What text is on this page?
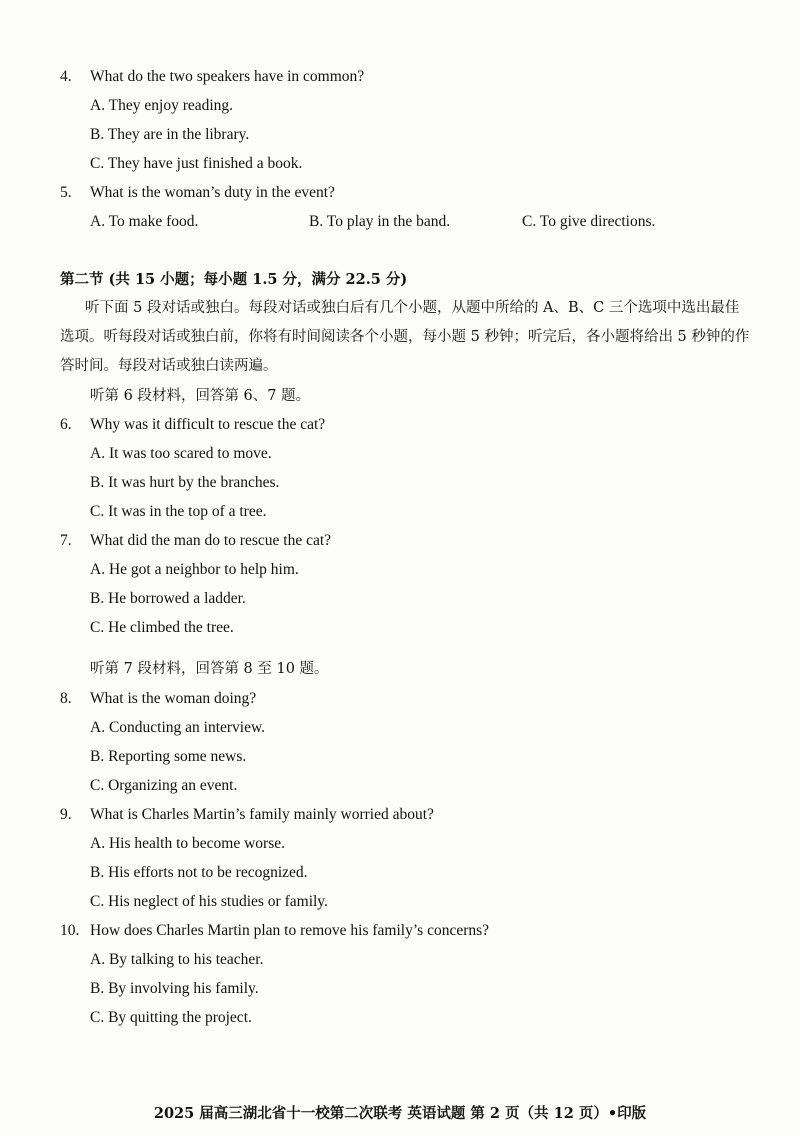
4. What do the two speakers have in common?
A. They enjoy reading.
B. They are in the library.
C. They have just finished a book.
5. What is the woman’s duty in the event?
A. To make food.	B. To play in the band.	C. To give directions.
第二节 (共 15 小题；每小题 1.5 分，满分 22.5 分)
听下面 5 段对话或独白。每段对话或独白后有几个小题，从题中所给的 A、B、C 三个选项中选出最佳选项。听每段对话或独白前，你将有时间阅读各个小题，每小题 5 秒钟；听完后，各小题将给出 5 秒钟的作答时间。每段对话或独白读两遍。
听第 6 段材料，回答第 6、7 题。
6. Why was it difficult to rescue the cat?
A. It was too scared to move.
B. It was hurt by the branches.
C. It was in the top of a tree.
7. What did the man do to rescue the cat?
A. He got a neighbor to help him.
B. He borrowed a ladder.
C. He climbed the tree.
听第 7 段材料，回答第 8 至 10 题。
8. What is the woman doing?
A. Conducting an interview.
B. Reporting some news.
C. Organizing an event.
9. What is Charles Martin’s family mainly worried about?
A. His health to become worse.
B. His efforts not to be recognized.
C. His neglect of his studies or family.
10. How does Charles Martin plan to remove his family’s concerns?
A. By talking to his teacher.
B. By involving his family.
C. By quitting the project.
2025 届高三湖北省十一校第二次联考 英语试题 第 2 页（共 12 页）•印版
